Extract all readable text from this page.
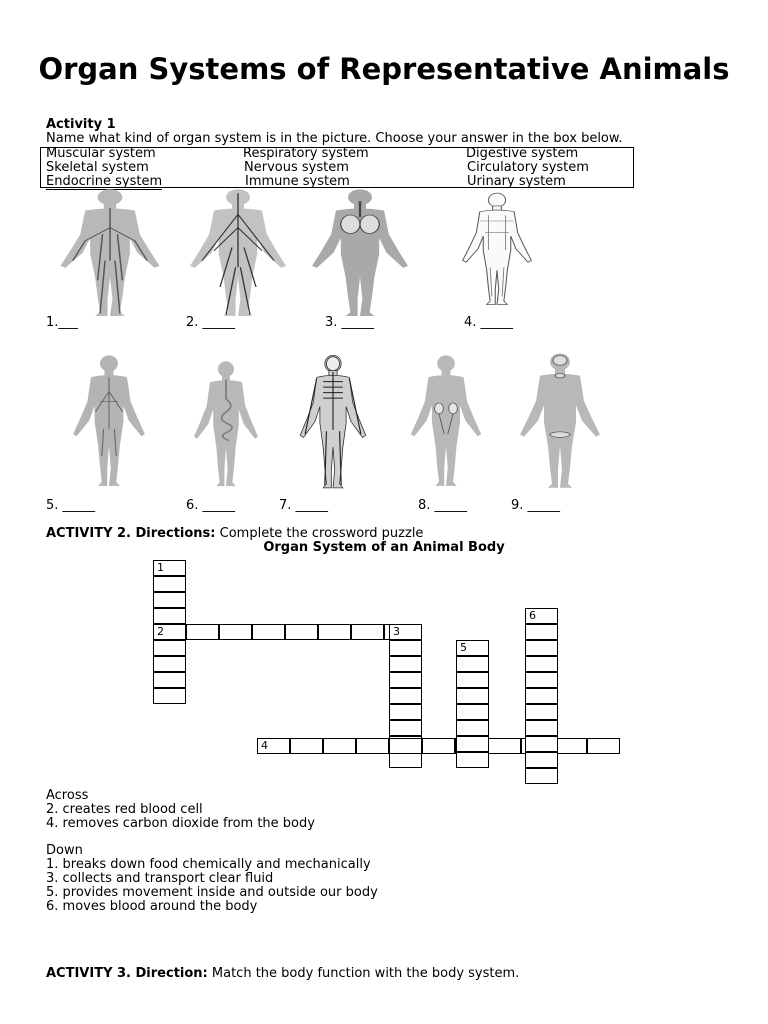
Organ Systems of Representative Animals
Activity 1
Name what kind of organ system is in the picture. Choose your answer in the box below.
Muscular system	Respiratory system	Digestive system
Skeletal system	Nervous system	Circulatory system
Endocrine system	Immune system	Urinary system
1.___	2. _____	3. _____	4. _____
5. _____	6. _____	7. _____	8. _____	9. _____
ACTIVITY 2. Directions: Complete the crossword puzzle
Organ System of an Animal Body
1
2	3
4
5
6
Across
2. creates red blood cell
4. removes carbon dioxide from the body
Down
1. breaks down food chemically and mechanically
3. collects and transport clear fluid
5. provides movement inside and outside our body
6. moves blood around the body
ACTIVITY 3. Direction: Match the body function with the body system.
